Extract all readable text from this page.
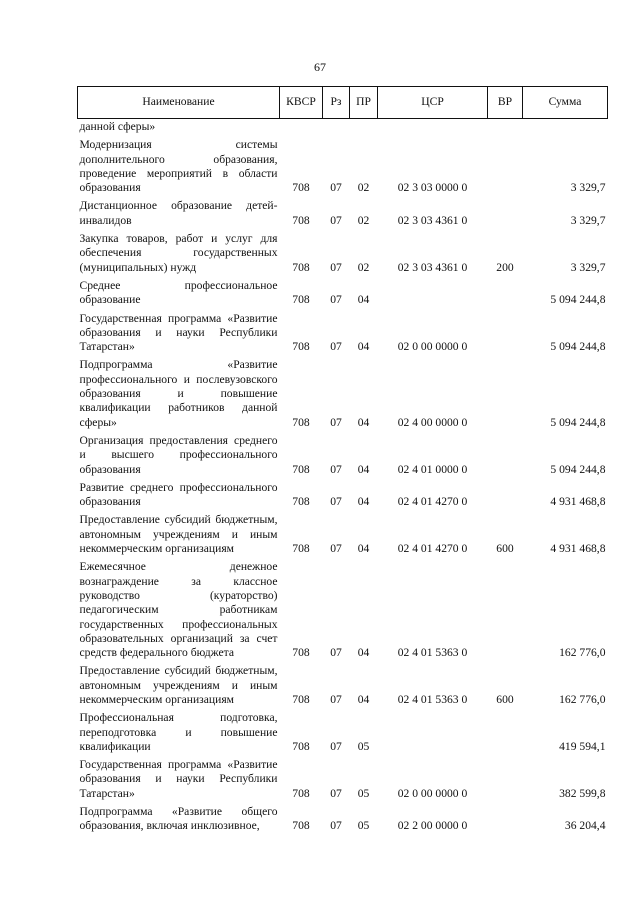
67
Наименование	КВСР	Рз	ПР	ЦСР	ВР	Сумма
данной сферы»						
Модернизация системы дополнительного образования, проведение мероприятий в области образования	708	07	02	02 3 03 0000 0		3 329,7
Дистанционное образование детей-инвалидов	708	07	02	02 3 03 4361 0		3 329,7
Закупка товаров, работ и услуг для обеспечения государственных (муниципальных) нужд	708	07	02	02 3 03 4361 0	200	3 329,7
Среднее профессиональное образование	708	07	04			5 094 244,8
Государственная программа «Развитие образования и науки Республики Татарстан»	708	07	04	02 0 00 0000 0		5 094 244,8
Подпрограмма «Развитие профессионального и послевузовского образования и повышение квалификации работников данной сферы»	708	07	04	02 4 00 0000 0		5 094 244,8
Организация предоставления среднего и высшего профессионального образования	708	07	04	02 4 01 0000 0		5 094 244,8
Развитие среднего профессионального образования	708	07	04	02 4 01 4270 0		4 931 468,8
Предоставление субсидий бюджетным, автономным учреждениям и иным некоммерческим организациям	708	07	04	02 4 01 4270 0	600	4 931 468,8
Ежемесячное денежное вознаграждение за классное руководство (кураторство) педагогическим работникам государственных профессиональных образовательных организаций за счет средств федерального бюджета	708	07	04	02 4 01 5363 0		162 776,0
Предоставление субсидий бюджетным, автономным учреждениям и иным некоммерческим организациям	708	07	04	02 4 01 5363 0	600	162 776,0
Профессиональная подготовка, переподготовка и повышение квалификации	708	07	05			419 594,1
Государственная программа «Развитие образования и науки Республики Татарстан»	708	07	05	02 0 00 0000 0		382 599,8
Подпрограмма «Развитие общего образования, включая инклюзивное,	708	07	05	02 2 00 0000 0		36 204,4
